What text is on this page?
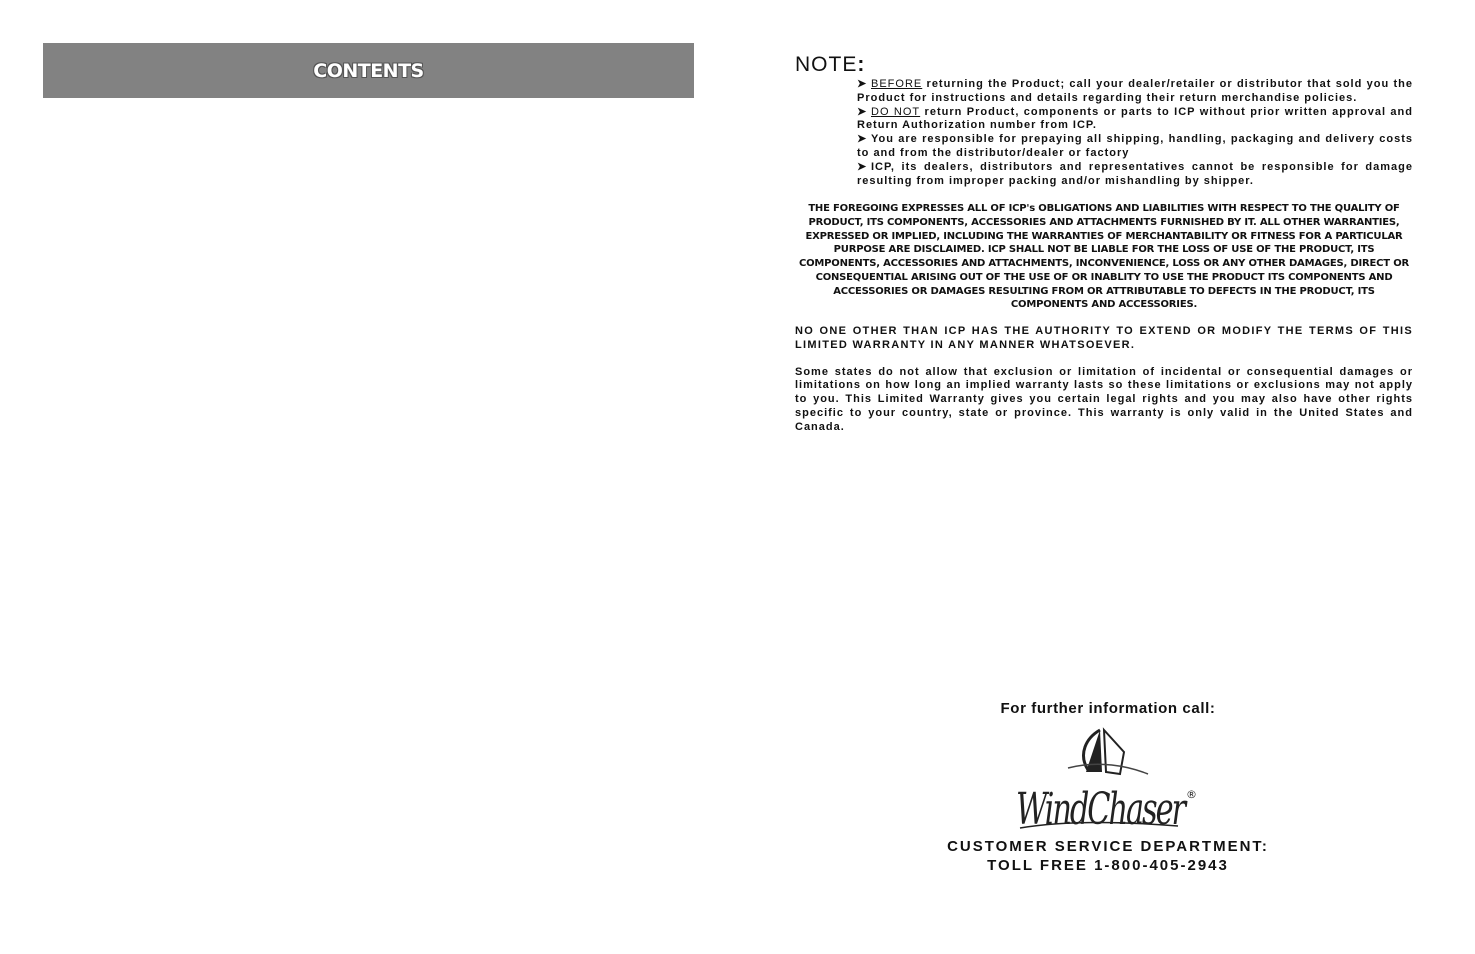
CONTENTS	NOTE:

➤ BEFORE returning the Product; call your dealer/retailer or distributor that sold you the Product for instructions and details regarding their return merchandise policies.
➤ DO NOT return Product, components or parts to ICP without prior written approval and Return Authorization number from ICP.
➤ You are responsible for prepaying all shipping, handling, packaging and delivery costs to and from the distributor/dealer or factory
➤ ICP, its dealers, distributors and representatives cannot be responsible for damage resulting from improper packing and/or mishandling by shipper.

THE FOREGOING EXPRESSES ALL OF ICP's OBLIGATIONS AND LIABILITIES WITH RESPECT TO THE QUALITY OF PRODUCT, ITS COMPONENTS, ACCESSORIES AND ATTACHMENTS FURNISHED BY IT. ALL OTHER WARRANTIES, EXPRESSED OR IMPLIED, INCLUDING THE WARRANTIES OF MERCHANTABILITY OR FITNESS FOR A PARTICULAR PURPOSE ARE DISCLAIMED. ICP SHALL NOT BE LIABLE FOR THE LOSS OF USE OF THE PRODUCT, ITS COMPONENTS, ACCESSORIES AND ATTACHMENTS, INCONVENIENCE, LOSS OR ANY OTHER DAMAGES, DIRECT OR CONSEQUENTIAL ARISING OUT OF THE USE OF OR INABLITY TO USE THE PRODUCT ITS COMPONENTS AND ACCESSORIES OR DAMAGES RESULTING FROM OR ATTRIBUTABLE TO DEFECTS IN THE PRODUCT, ITS COMPONENTS AND ACCESSORIES.

NO ONE OTHER THAN ICP HAS THE AUTHORITY TO EXTEND OR MODIFY THE TERMS OF THIS LIMITED WARRANTY IN ANY MANNER WHATSOEVER.

Some states do not allow that exclusion or limitation of incidental or consequential damages or limitations on how long an implied warranty lasts so these limitations or exclusions may not apply to you. This Limited Warranty gives you certain legal rights and you may also have other rights specific to your country, state or province. This warranty is only valid in the United States and Canada.

For further information call:
WindChaser
®
CUSTOMER SERVICE DEPARTMENT:
TOLL FREE 1-800-405-2943
